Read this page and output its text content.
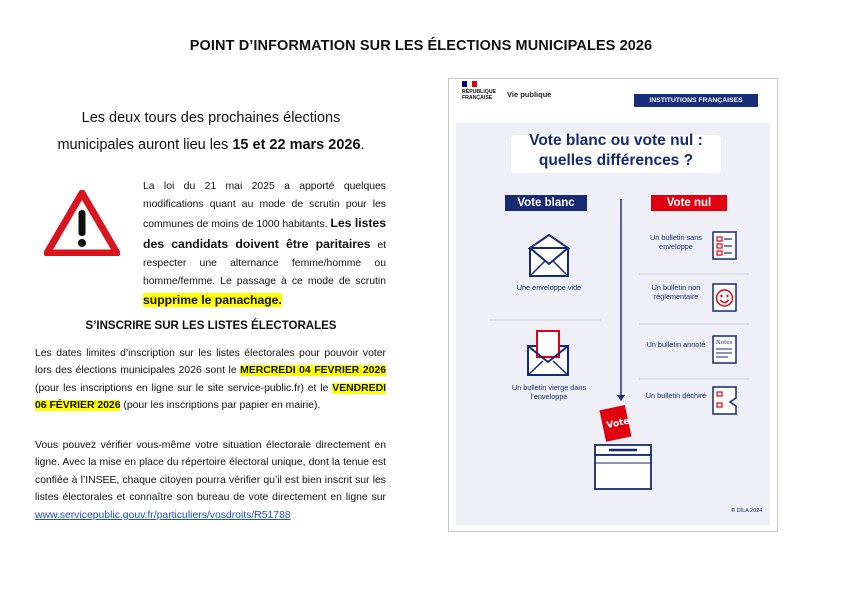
POINT D’INFORMATION SUR LES ÉLECTIONS MUNICIPALES 2026
Les deux tours des prochaines élections
municipales auront lieu les 15 et 22 mars 2026.
La loi du 21 mai 2025 a apporté quelques modifications quant au mode de scrutin pour les communes de moins de 1000 habitants. Les listes des candidats doivent être paritaires et respecter une alternance femme/homme ou homme/femme. Le passage à ce mode de scrutin supprime le panachage.
S’INSCRIRE SUR LES LISTES ÉLECTORALES
Les dates limites d’inscription sur les listes électorales pour pouvoir voter lors des élections municipales 2026 sont le MERCREDI 04 FEVRIER 2026 (pour les inscriptions en ligne sur le site service-public.fr) et le VENDREDI 06 FÉVRIER 2026 (pour les inscriptions par papier en mairie).
Vous pouvez vérifier vous-même votre situation électorale directement en ligne. Avec la mise en place du répertoire électoral unique, dont la tenue est confiée à l’INSEE, chaque citoyen pourra vérifier qu’il est bien inscrit sur les listes électorales et connaître son bureau de vote directement en ligne sur www.servicepublic.gouv.fr/particuliers/vosdroits/R51788
RÉPUBLIQUE
FRANÇAISE	Vie publique
INSTITUTIONS FRANÇAISES
Vote blanc ou vote nul :
quelles différences ?
Vote blanc	Vote nul
Une enveloppe vide
Un bulletin vierge dans l’enveloppe
Un bulletin sans enveloppe
Un bulletin non réglementaire
Un bulletin annoté
Un bulletin déchiré
Notes
Vote
© DILA 2024
